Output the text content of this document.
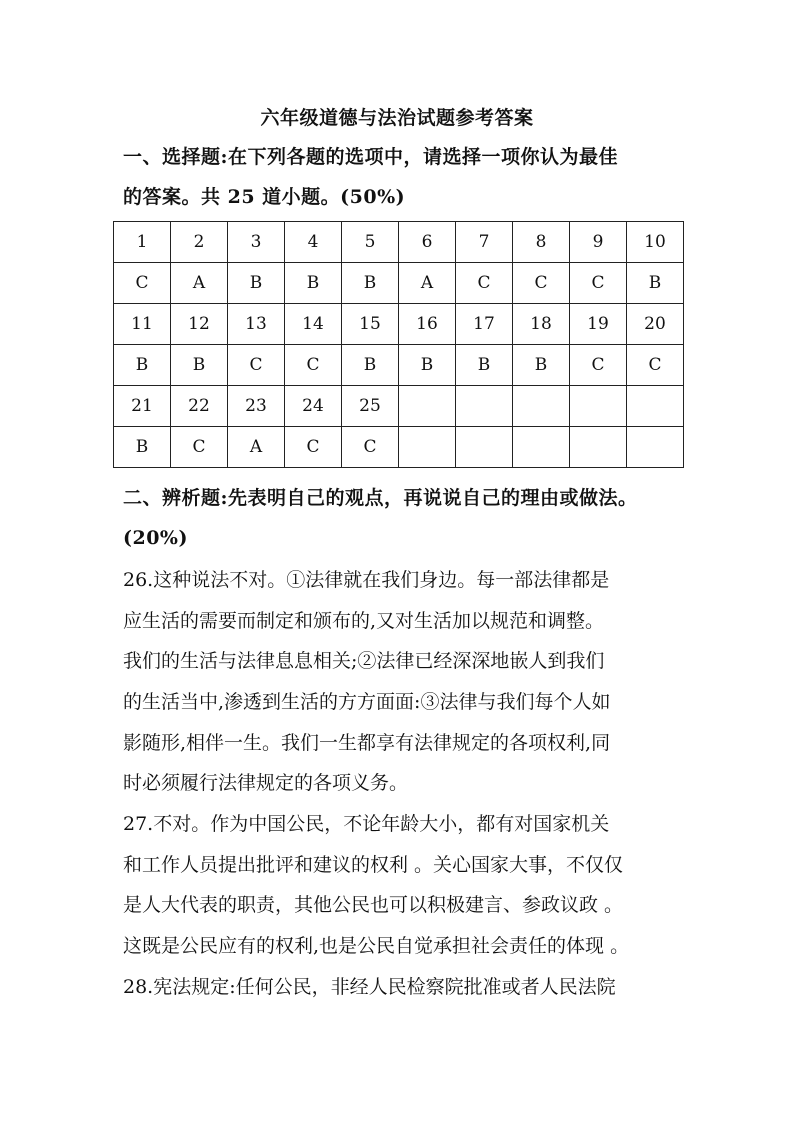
六年级道德与法治试题参考答案
一、选择题:在下列各题的选项中，请选择一项你认为最佳
的答案。共 25 道小题。(50%)
1	2	3	4	5	6	7	8	9	10
C	A	B	B	B	A	C	C	C	B
11	12	13	14	15	16	17	18	19	20
B	B	C	C	B	B	B	B	C	C
21	22	23	24	25					
B	C	A	C	C					
二、辨析题:先表明自己的观点，再说说自己的理由或做法。
(20%)
26.这种说法不对。①法律就在我们身边。每一部法律都是
应生活的需要而制定和颁布的,又对生活加以规范和调整。
我们的生活与法律息息相关;②法律已经深深地嵌人到我们
的生活当中,渗透到生活的方方面面:③法律与我们每个人如
影随形,相伴一生。我们一生都享有法律规定的各项权利,同
时必须履行法律规定的各项义务。
27.不对。作为中国公民，不论年龄大小，都有对国家机关
和工作人员提出批评和建议的权利 。关心国家大事，不仅仅
是人大代表的职责，其他公民也可以积极建言、参政议政 。
这既是公民应有的权利,也是公民自觉承担社会责任的体现 。
28.宪法规定:任何公民，非经人民检察院批准或者人民法院
